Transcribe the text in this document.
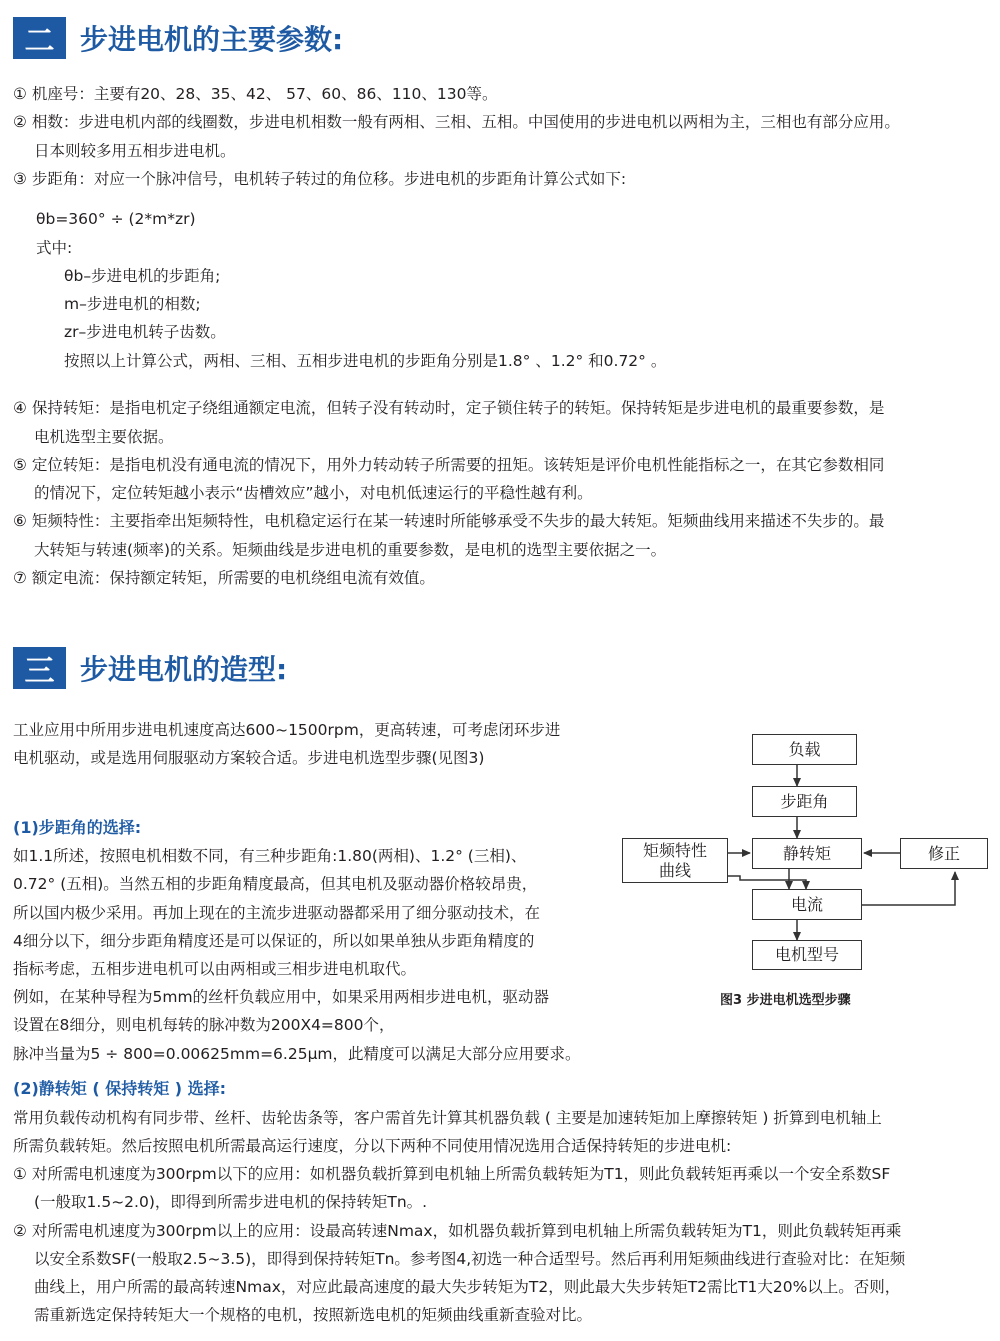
二 步进电机的主要参数:
① 机座号：主要有20、28、35、42、 57、60、86、110、130等。
② 相数：步进电机内部的线圈数，步进电机相数一般有两相、三相、五相。中国使用的步进电机以两相为主，三相也有部分应用。
日本则较多用五相步进电机。
③ 步距角：对应一个脉冲信号，电机转子转过的角位移。步进电机的步距角计算公式如下:
θb=360° ÷ (2*m*zr)
式中:
θb–步进电机的步距角;
m–步进电机的相数;
zr–步进电机转子齿数。
按照以上计算公式，两相、三相、五相步进电机的步距角分别是1.8° 、1.2° 和0.72° 。
④ 保持转矩：是指电机定子绕组通额定电流，但转子没有转动时，定子锁住转子的转矩。保持转矩是步进电机的最重要参数，是
电机选型主要依据。
⑤ 定位转矩：是指电机没有通电流的情况下，用外力转动转子所需要的扭矩。该转矩是评价电机性能指标之一，在其它参数相同
的情况下，定位转矩越小表示“齿槽效应”越小，对电机低速运行的平稳性越有利。
⑥ 矩频特性：主要指牵出矩频特性，电机稳定运行在某一转速时所能够承受不失步的最大转矩。矩频曲线用来描述不失步的。最
大转矩与转速(频率)的关系。矩频曲线是步进电机的重要参数，是电机的选型主要依据之一。
⑦ 额定电流：保持额定转矩，所需要的电机绕组电流有效值。
三 步进电机的造型:
工业应用中所用步进电机速度高达600~1500rpm，更高转速，可考虑闭环步进
电机驱动，或是选用伺服驱动方案较合适。步进电机选型步骤(见图3)
(1)步距角的选择:
如1.1所述，按照电机相数不同，有三种步距角:1.80(两相)、1.2° (三相)、
0.72° (五相)。当然五相的步距角精度最高，但其电机及驱动器价格较昂贵，
所以国内极少采用。再加上现在的主流步进驱动器都采用了细分驱动技术，在
4细分以下，细分步距角精度还是可以保证的，所以如果单独从步距角精度的
指标考虑，五相步进电机可以由两相或三相步进电机取代。
例如，在某种导程为5mm的丝杆负载应用中，如果采用两相步进电机，驱动器
设置在8细分，则电机每转的脉冲数为200X4=800个，
脉冲当量为5 ÷ 800=0.00625mm=6.25μm，此精度可以满足大部分应用要求。
(2)静转矩 ( 保持转矩 ) 选择:
常用负载传动机构有同步带、丝杆、齿轮齿条等，客户需首先计算其机器负载 ( 主要是加速转矩加上摩擦转矩 ) 折算到电机轴上
所需负载转矩。然后按照电机所需最高运行速度，分以下两种不同使用情况选用合适保持转矩的步进电机:
① 对所需电机速度为300rpm以下的应用：如机器负载折算到电机轴上所需负载转矩为T1，则此负载转矩再乘以一个安全系数SF
(一般取1.5~2.0)，即得到所需步进电机的保持转矩Tn。.
② 对所需电机速度为300rpm以上的应用：设最高转速Nmax，如机器负载折算到电机轴上所需负载转矩为T1，则此负载转矩再乘
以安全系数SF(一般取2.5~3.5)，即得到保持转矩Tn。参考图4,初选一种合适型号。然后再利用矩频曲线进行查验对比：在矩频
曲线上，用户所需的最高转速Nmax，对应此最高速度的最大失步转矩为T2，则此最大失步转矩T2需比T1大20%以上。否则，
需重新选定保持转矩大一个规格的电机，按照新选电机的矩频曲线重新查验对比。
负载
步距角
静转矩
电流
电机型号
矩频特性
曲线
修正
图3 步进电机选型步骤
